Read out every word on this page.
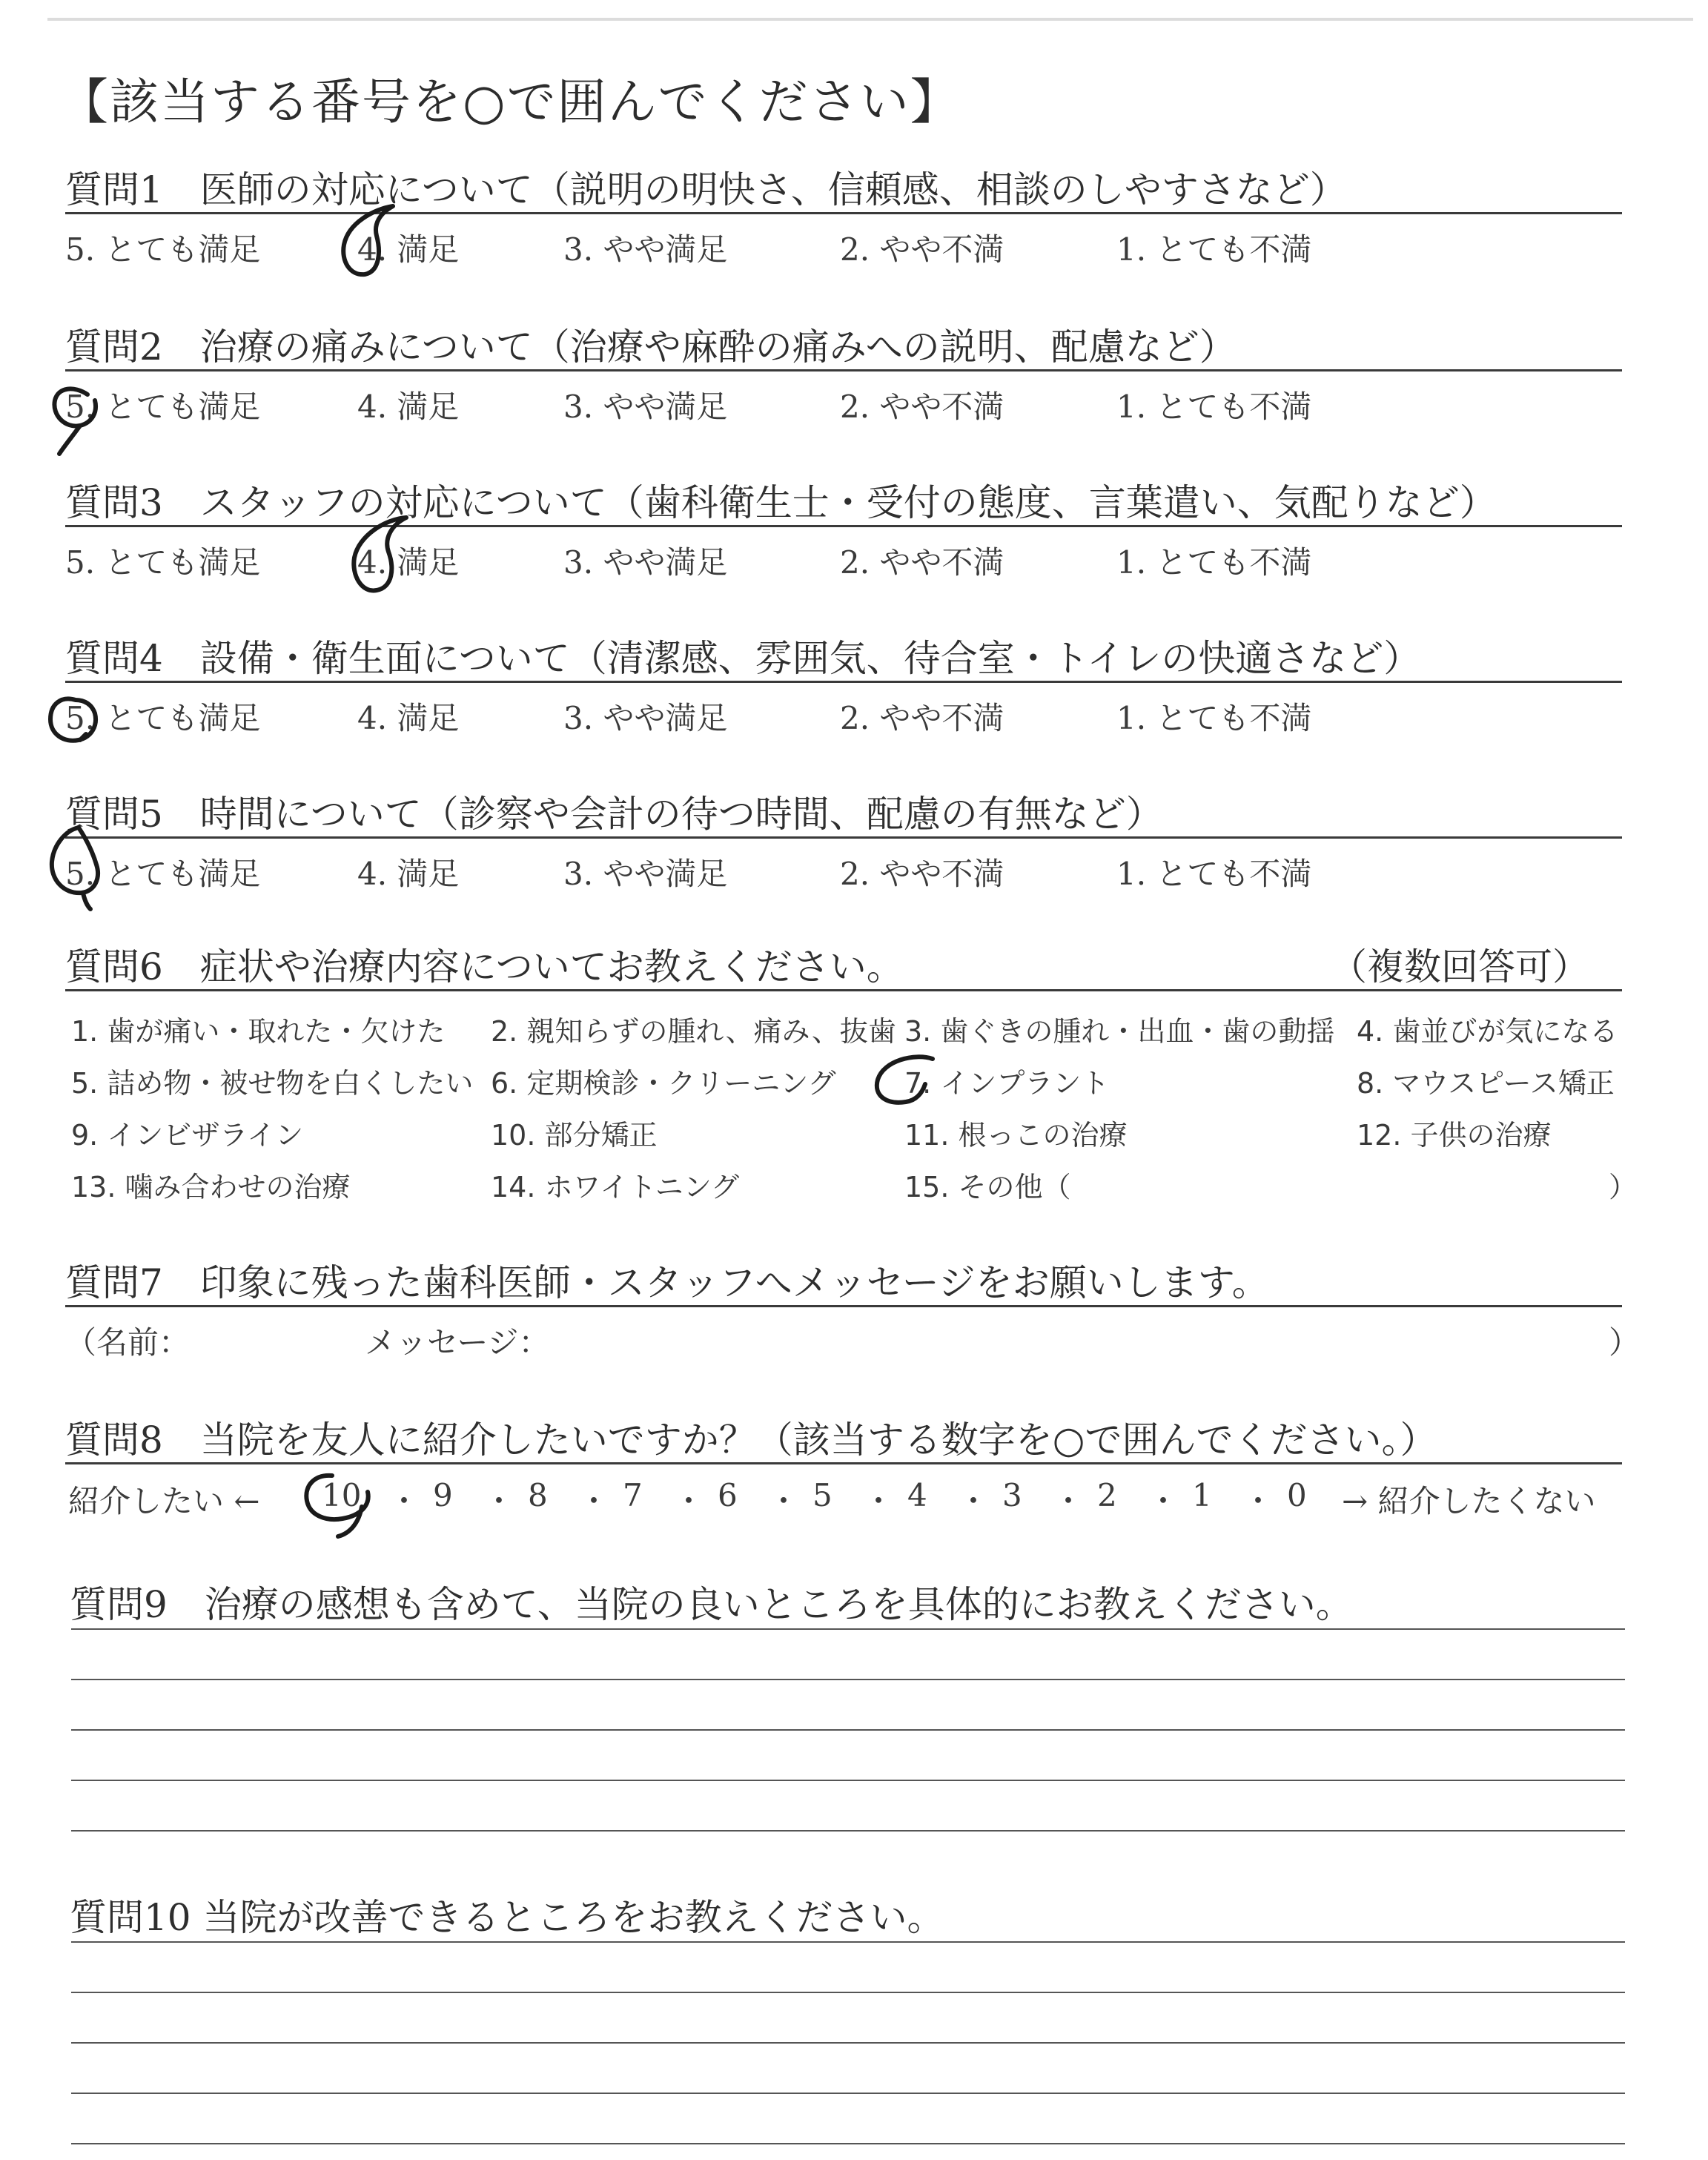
【該当する番号を○で囲んでください】
質問1　医師の対応について（説明の明快さ、信頼感、相談のしやすさなど）
5. とても満足	4. 満足	3. やや満足	2. やや不満	1. とても不満
質問2　治療の痛みについて（治療や麻酔の痛みへの説明、配慮など）
5. とても満足	4. 満足	3. やや満足	2. やや不満	1. とても不満
質問3　スタッフの対応について（歯科衛生士・受付の態度、言葉遣い、気配りなど）
5. とても満足	4. 満足	3. やや満足	2. やや不満	1. とても不満
質問4　設備・衛生面について（清潔感、雰囲気、待合室・トイレの快適さなど）
5. とても満足	4. 満足	3. やや満足	2. やや不満	1. とても不満
質問5　時間について（診察や会計の待つ時間、配慮の有無など）
5. とても満足	4. 満足	3. やや満足	2. やや不満	1. とても不満
質問6　症状や治療内容についてお教えください。	（複数回答可）
1. 歯が痛い・取れた・欠けた 2. 親知らずの腫れ、痛み、抜歯 3. 歯ぐきの腫れ・出血・歯の動揺 4. 歯並びが気になる
5. 詰め物・被せ物を白くしたい 6. 定期検診・クリーニング 7. インプラント	8. マウスピース矯正
9. インビザライン	10. 部分矯正	11. 根っこの治療	12. 子供の治療
13. 噛み合わせの治療	14. ホワイトニング	15. その他（	）
質問7　印象に残った歯科医師・スタッフへメッセージをお願いします。
（名前：	メッセージ：	）
質問8　当院を友人に紹介したいですか？（該当する数字を○で囲んでください。）
紹介したい ← 10 ・ 9 ・ 8 ・ 7 ・ 6 ・ 5 ・ 4 ・ 3 ・ 2 ・ 1 ・ 0 → 紹介したくない
質問9　治療の感想も含めて、当院の良いところを具体的にお教えください。
質問10 当院が改善できるところをお教えください。
